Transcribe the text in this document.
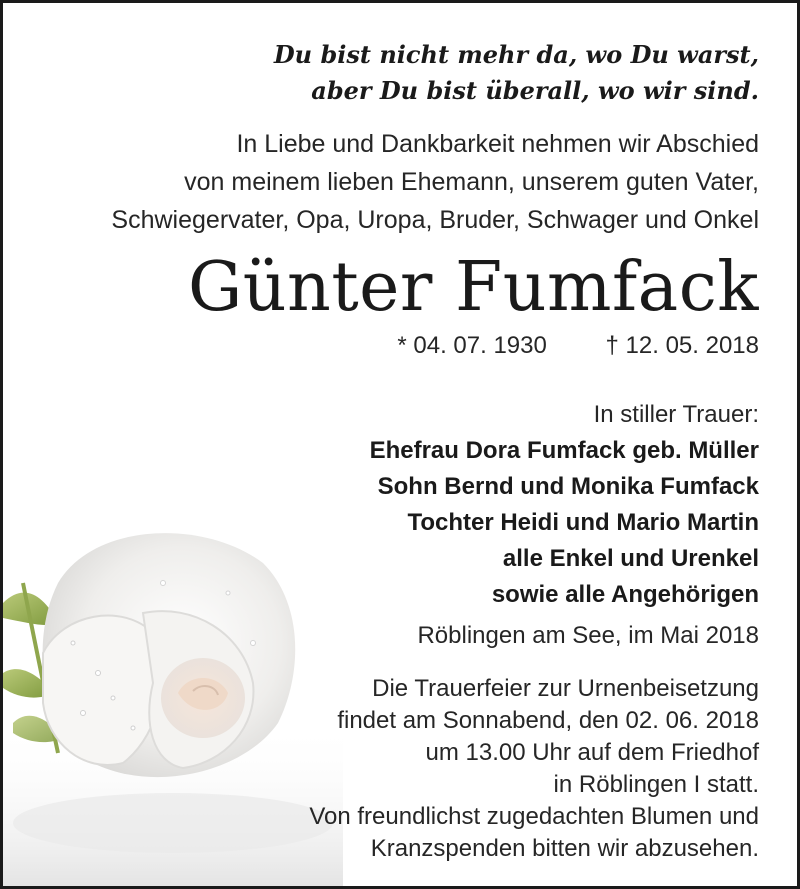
Du bist nicht mehr da, wo Du warst,
aber Du bist überall, wo wir sind.
In Liebe und Dankbarkeit nehmen wir Abschied
von meinem lieben Ehemann, unserem guten Vater,
Schwiegervater, Opa, Uropa, Bruder, Schwager und Onkel
Günter Fumfack
* 04. 07. 1930 † 12. 05. 2018
In stiller Trauer:
Ehefrau Dora Fumfack geb. Müller
Sohn Bernd und Monika Fumfack
Tochter Heidi und Mario Martin
alle Enkel und Urenkel
sowie alle Angehörigen
Röblingen am See, im Mai 2018
Die Trauerfeier zur Urnenbeisetzung
findet am Sonnabend, den 02. 06. 2018
um 13.00 Uhr auf dem Friedhof
in Röblingen I statt.
Von freundlichst zugedachten Blumen und
Kranzspenden bitten wir abzusehen.
